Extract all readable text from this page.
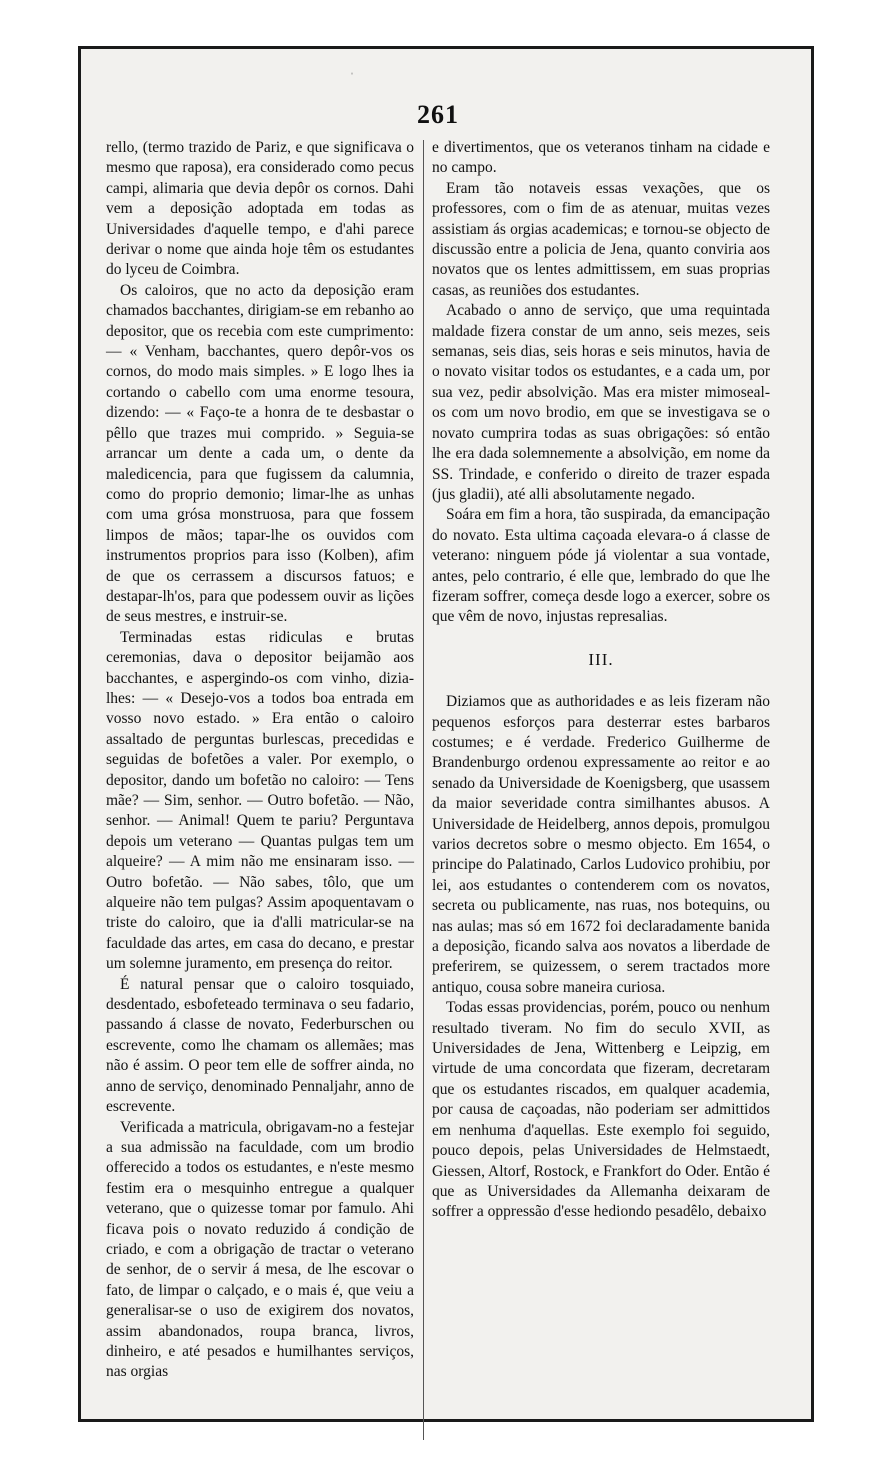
ˈ
261

rello, (termo trazido de Pariz, e que significava o mesmo que raposa), era considerado como pecus campi, alimaria que devia depôr os cornos. Dahi vem a deposição adoptada em todas as Universidades d'aquelle tempo, e d'ahi parece derivar o nome que ainda hoje têm os estudantes do lyceu de Coimbra.

Os caloiros, que no acto da deposição eram chamados bacchantes, dirigiam-se em rebanho ao depositor, que os recebia com este cumprimento: — « Venham, bacchantes, quero depôr-vos os cornos, do modo mais simples. » E logo lhes ia cortando o cabello com uma enorme tesoura, dizendo: — « Faço-te a honra de te desbastar o pêllo que trazes mui comprido. » Seguia-se arrancar um dente a cada um, o dente da maledicencia, para que fugissem da calumnia, como do proprio demonio; limar-lhe as unhas com uma grósa monstruosa, para que fossem limpos de mãos; tapar-lhe os ouvidos com instrumentos proprios para isso (Kolben), afim de que os cerrassem a discursos fatuos; e destapar-lh'os, para que podessem ouvir as lições de seus mestres, e instruir-se.

Terminadas estas ridiculas e brutas ceremonias, dava o depositor beijamão aos bacchantes, e aspergindo-os com vinho, dizia-lhes: — « Desejo-vos a todos boa entrada em vosso novo estado. » Era então o caloiro assaltado de perguntas burlescas, precedidas e seguidas de bofetões a valer. Por exemplo, o depositor, dando um bofetão no caloiro: — Tens mãe? — Sim, senhor. — Outro bofetão. — Não, senhor. — Animal! Quem te pariu? Perguntava depois um veterano — Quantas pulgas tem um alqueire? — A mim não me ensinaram isso. — Outro bofetão. — Não sabes, tôlo, que um alqueire não tem pulgas? Assim apoquentavam o triste do caloiro, que ia d'alli matricular-se na faculdade das artes, em casa do decano, e prestar um solemne juramento, em presença do reitor.

É natural pensar que o caloiro tosquiado, desdentado, esbofeteado terminava o seu fadario, passando á classe de novato, Federburschen ou escrevente, como lhe chamam os allemães; mas não é assim. O peor tem elle de soffrer ainda, no anno de serviço, denominado Pennaljahr, anno de escrevente.

Verificada a matricula, obrigavam-no a festejar a sua admissão na faculdade, com um brodio offerecido a todos os estudantes, e n'este mesmo festim era o mesquinho entregue a qualquer veterano, que o quizesse tomar por famulo. Ahi ficava pois o novato reduzido á condição de criado, e com a obrigação de tractar o veterano de senhor, de o servir á mesa, de lhe escovar o fato, de limpar o calçado, e o mais é, que veiu a generalisar-se o uso de exigirem dos novatos, assim abandonados, roupa branca, livros, dinheiro, e até pesados e humilhantes serviços, nas orgias

e divertimentos, que os veteranos tinham na cidade e no campo.

Eram tão notaveis essas vexações, que os professores, com o fim de as atenuar, muitas vezes assistiam ás orgias academicas; e tornou-se objecto de discussão entre a policia de Jena, quanto conviria aos novatos que os lentes admittissem, em suas proprias casas, as reuniões dos estudantes.

Acabado o anno de serviço, que uma requintada maldade fizera constar de um anno, seis mezes, seis semanas, seis dias, seis horas e seis minutos, havia de o novato visitar todos os estudantes, e a cada um, por sua vez, pedir absolvição. Mas era mister mimoseal-os com um novo brodio, em que se investigava se o novato cumprira todas as suas obrigações: só então lhe era dada solemnemente a absolvição, em nome da SS. Trindade, e conferido o direito de trazer espada (jus gladii), até alli absolutamente negado.

Soára em fim a hora, tão suspirada, da emancipação do novato. Esta ultima caçoada elevara-o á classe de veterano: ninguem póde já violentar a sua vontade, antes, pelo contrario, é elle que, lembrado do que lhe fizeram soffrer, começa desde logo a exercer, sobre os que vêm de novo, injustas represalias.

III.

Diziamos que as authoridades e as leis fizeram não pequenos esforços para desterrar estes barbaros costumes; e é verdade. Frederico Guilherme de Brandenburgo ordenou expressamente ao reitor e ao senado da Universidade de Koenigsberg, que usassem da maior severidade contra similhantes abusos. A Universidade de Heidelberg, annos depois, promulgou varios decretos sobre o mesmo objecto. Em 1654, o principe do Palatinado, Carlos Ludovico prohibiu, por lei, aos estudantes o contenderem com os novatos, secreta ou publicamente, nas ruas, nos botequins, ou nas aulas; mas só em 1672 foi declaradamente banida a deposição, ficando salva aos novatos a liberdade de preferirem, se quizessem, o serem tractados more antiquo, cousa sobre maneira curiosa.

Todas essas providencias, porém, pouco ou nenhum resultado tiveram. No fim do seculo XVII, as Universidades de Jena, Wittenberg e Leipzig, em virtude de uma concordata que fizeram, decretaram que os estudantes riscados, em qualquer academia, por causa de caçoadas, não poderiam ser admittidos em nenhuma d'aquellas. Este exemplo foi seguido, pouco depois, pelas Universidades de Helmstaedt, Giessen, Altorf, Rostock, e Frankfort do Oder. Então é que as Universidades da Allemanha deixaram de soffrer a oppressão d'esse hediondo pesadêlo, debaixo
